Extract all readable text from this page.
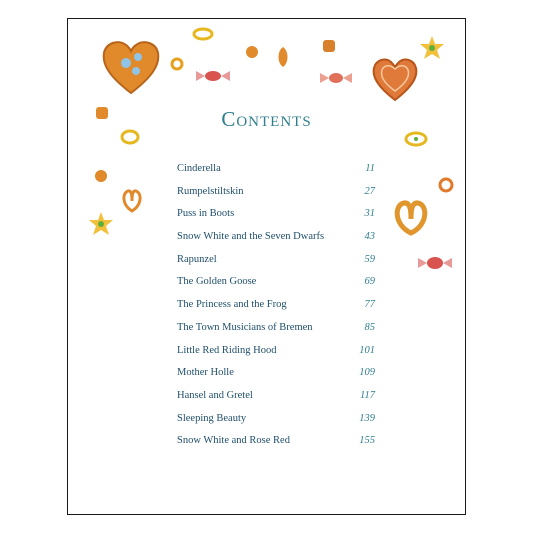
Contents
Cinderella	11
Rumpelstiltskin	27
Puss in Boots	31
Snow White and the Seven Dwarfs	43
Rapunzel	59
The Golden Goose	69
The Princess and the Frog	77
The Town Musicians of Bremen	85
Little Red Riding Hood	101
Mother Holle	109
Hansel and Gretel	117
Sleeping Beauty	139
Snow White and Rose Red	155
